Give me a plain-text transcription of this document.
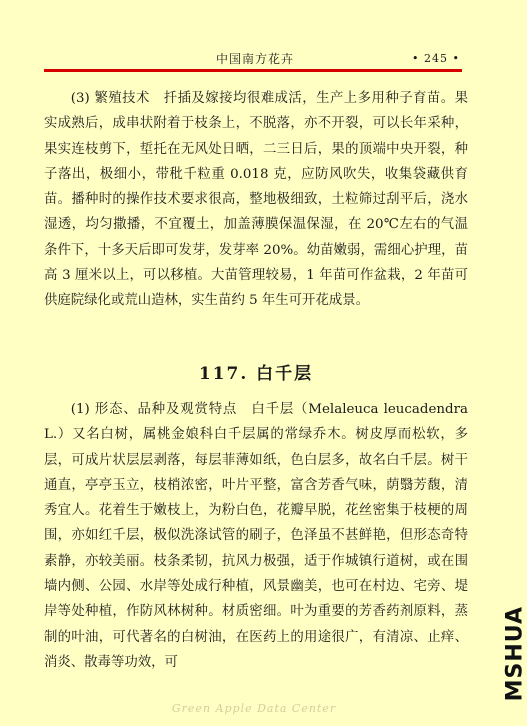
中国南方花卉	• 245 •

(3) 繁殖技术　扦插及嫁接均很难成活，生产上多用种子育苗。果实成熟后，成串状附着于枝条上，不脱落，亦不开裂，可以长年采种，果实连枝剪下，埑托在无风处日晒，二三日后，果的顶端中央开裂，种子落出，极细小，带秕千粒重 0.018 克，应防风吹失，收集袋藏供育苗。播种时的操作技术要求很高，整地极细致，土粒筛过刮平后，浇水湿透，均匀撒播，不宜覆土，加盖薄膜保温保湿，在 20℃左右的气温条件下，十多天后即可发芽，发芽率 20%。幼苗嫩弱，需细心护理，苗高 3 厘米以上，可以移植。大苗管理较易，1 年苗可作盆栽，2 年苗可供庭院绿化或荒山造林，实生苗约 5 年生可开花成景。

117. 白千层

(1) 形态、品种及观赏特点　白千层（Melaleuca leucadendra L.）又名白树，属桃金娘科白千层属的常绿乔木。树皮厚而松软，多层，可成片状层层剥落，每层菲薄如纸，色白层多，故名白千层。树干通直，亭亭玉立，枝梢浓密，叶片平整，富含芳香气味，荫翳芳馥，清秀宜人。花着生于嫩枝上，为粉白色，花瓣早脱，花丝密集于枝梗的周围，亦如红千层，极似洗涤试管的刷子，色泽虽不甚鲜艳，但形态奇特素静，亦较美丽。枝条柔韧，抗风力极强，适于作城镇行道树，或在围墙内侧、公园、水岸等处成行种植，风景幽美，也可在村边、宅旁、堤岸等处种植，作防风林树种。材质密细。叶为重要的芳香药剂原料，蒸制的叶油，可代著名的白树油，在医药上的用途很广，有清凉、止痒、消炎、散毒等功效，可	MSHUA
Green Apple Data Center
